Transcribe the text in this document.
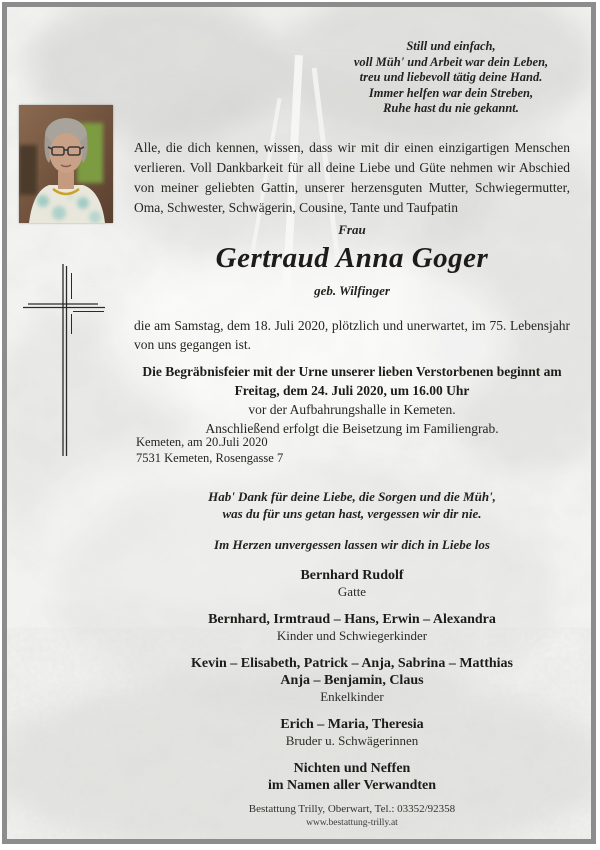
Still und einfach,
voll Müh' und Arbeit war dein Leben,
treu und liebevoll tätig deine Hand.
Immer helfen war dein Streben,
Ruhe hast du nie gekannt.
Alle, die dich kennen, wissen, dass wir mit dir einen einzigartigen Menschen verlieren. Voll Dankbarkeit für all deine Liebe und Güte nehmen wir Abschied von meiner geliebten Gattin, unserer herzensguten Mutter, Schwiegermutter, Oma, Schwester, Schwägerin, Cousine, Tante und Taufpatin
Frau
Gertraud Anna Goger
geb. Wilfinger
die am Samstag, dem 18. Juli 2020, plötzlich und unerwartet, im 75. Lebensjahr von uns gegangen ist.
Die Begräbnisfeier mit der Urne unserer lieben Verstorbenen beginnt am
Freitag, dem 24. Juli 2020, um 16.00 Uhr
vor der Aufbahrungshalle in Kemeten.
Anschließend erfolgt die Beisetzung im Familiengrab.
Kemeten, am 20.Juli 2020
7531 Kemeten, Rosengasse 7
Hab' Dank für deine Liebe, die Sorgen und die Müh',
was du für uns getan hast, vergessen wir dir nie.
Im Herzen unvergessen lassen wir dich in Liebe los
Bernhard Rudolf
Gatte
Bernhard, Irmtraud – Hans, Erwin – Alexandra
Kinder und Schwiegerkinder
Kevin – Elisabeth, Patrick – Anja, Sabrina – Matthias
Anja – Benjamin, Claus
Enkelkinder
Erich – Maria, Theresia
Bruder u. Schwägerinnen
Nichten und Neffen
im Namen aller Verwandten
Bestattung Trilly, Oberwart, Tel.: 03352/92358
www.bestattung-trilly.at
